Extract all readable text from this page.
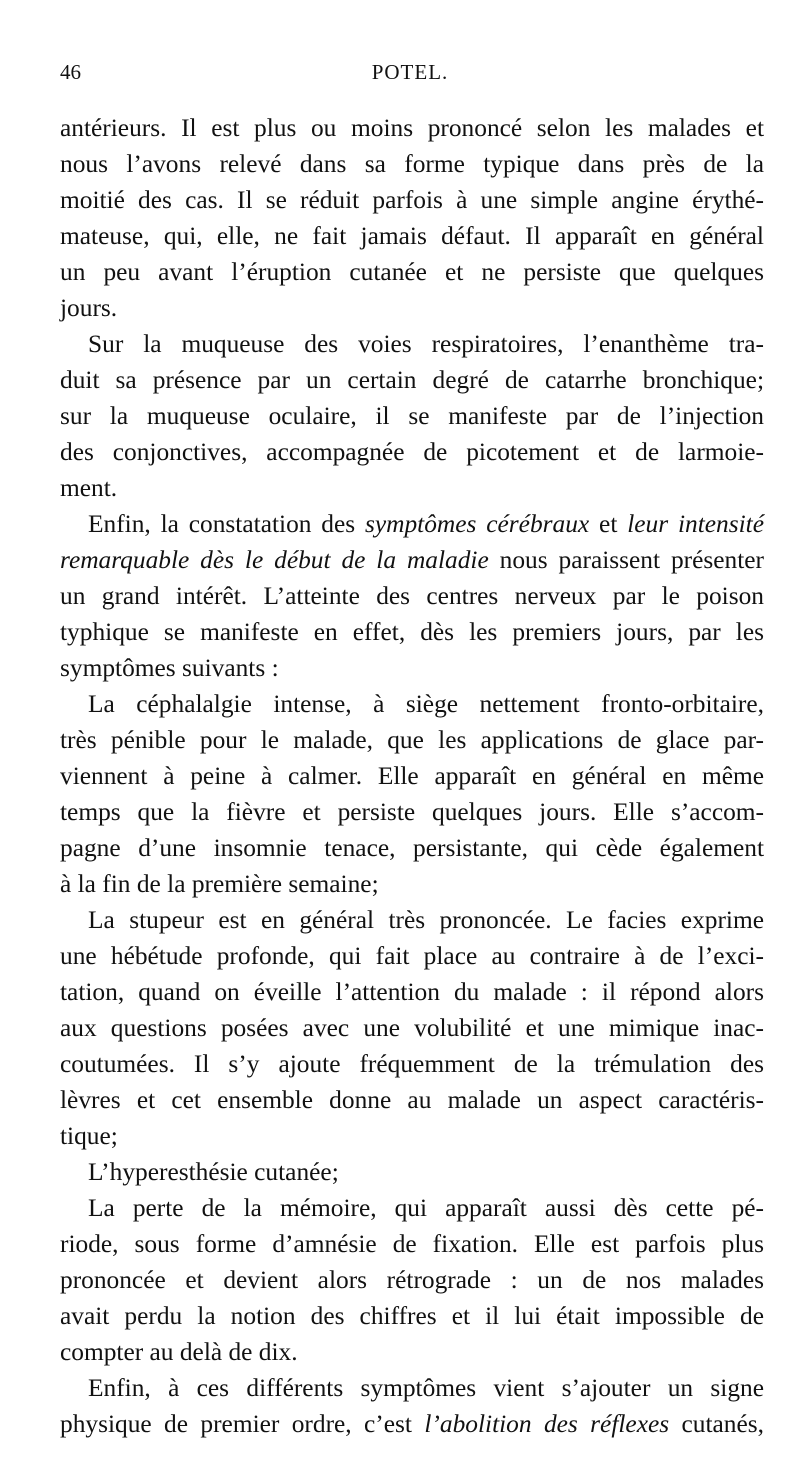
46	POTEL.
antérieurs. Il est plus ou moins prononcé selon les malades et
nous l’avons relevé dans sa forme typique dans près de la
moitié des cas. Il se réduit parfois à une simple angine érythé-
mateuse, qui, elle, ne fait jamais défaut. Il apparaît en général
un peu avant l’éruption cutanée et ne persiste que quelques
jours.
Sur la muqueuse des voies respiratoires, l’enanthème tra-
duit sa présence par un certain degré de catarrhe bronchique;
sur la muqueuse oculaire, il se manifeste par de l’injection
des conjonctives, accompagnée de picotement et de larmoie-
ment.
Enfin, la constatation des symptômes cérébraux et leur intensité
remarquable dès le début de la maladie nous paraissent présenter
un grand intérêt. L’atteinte des centres nerveux par le poison
typhique se manifeste en effet, dès les premiers jours, par les
symptômes suivants :
La céphalalgie intense, à siège nettement fronto-orbitaire,
très pénible pour le malade, que les applications de glace par-
viennent à peine à calmer. Elle apparaît en général en même
temps que la fièvre et persiste quelques jours. Elle s’accom-
pagne d’une insomnie tenace, persistante, qui cède également
à la fin de la première semaine;
La stupeur est en général très prononcée. Le facies exprime
une hébétude profonde, qui fait place au contraire à de l’exci-
tation, quand on éveille l’attention du malade : il répond alors
aux questions posées avec une volubilité et une mimique inac-
coutumées. Il s’y ajoute fréquemment de la trémulation des
lèvres et cet ensemble donne au malade un aspect caractéris-
tique;
L’hyperesthésie cutanée;
La perte de la mémoire, qui apparaît aussi dès cette pé-
riode, sous forme d’amnésie de fixation. Elle est parfois plus
prononcée et devient alors rétrograde : un de nos malades
avait perdu la notion des chiffres et il lui était impossible de
compter au delà de dix.
Enfin, à ces différents symptômes vient s’ajouter un signe
physique de premier ordre, c’est l’abolition des réflexes cutanés,
